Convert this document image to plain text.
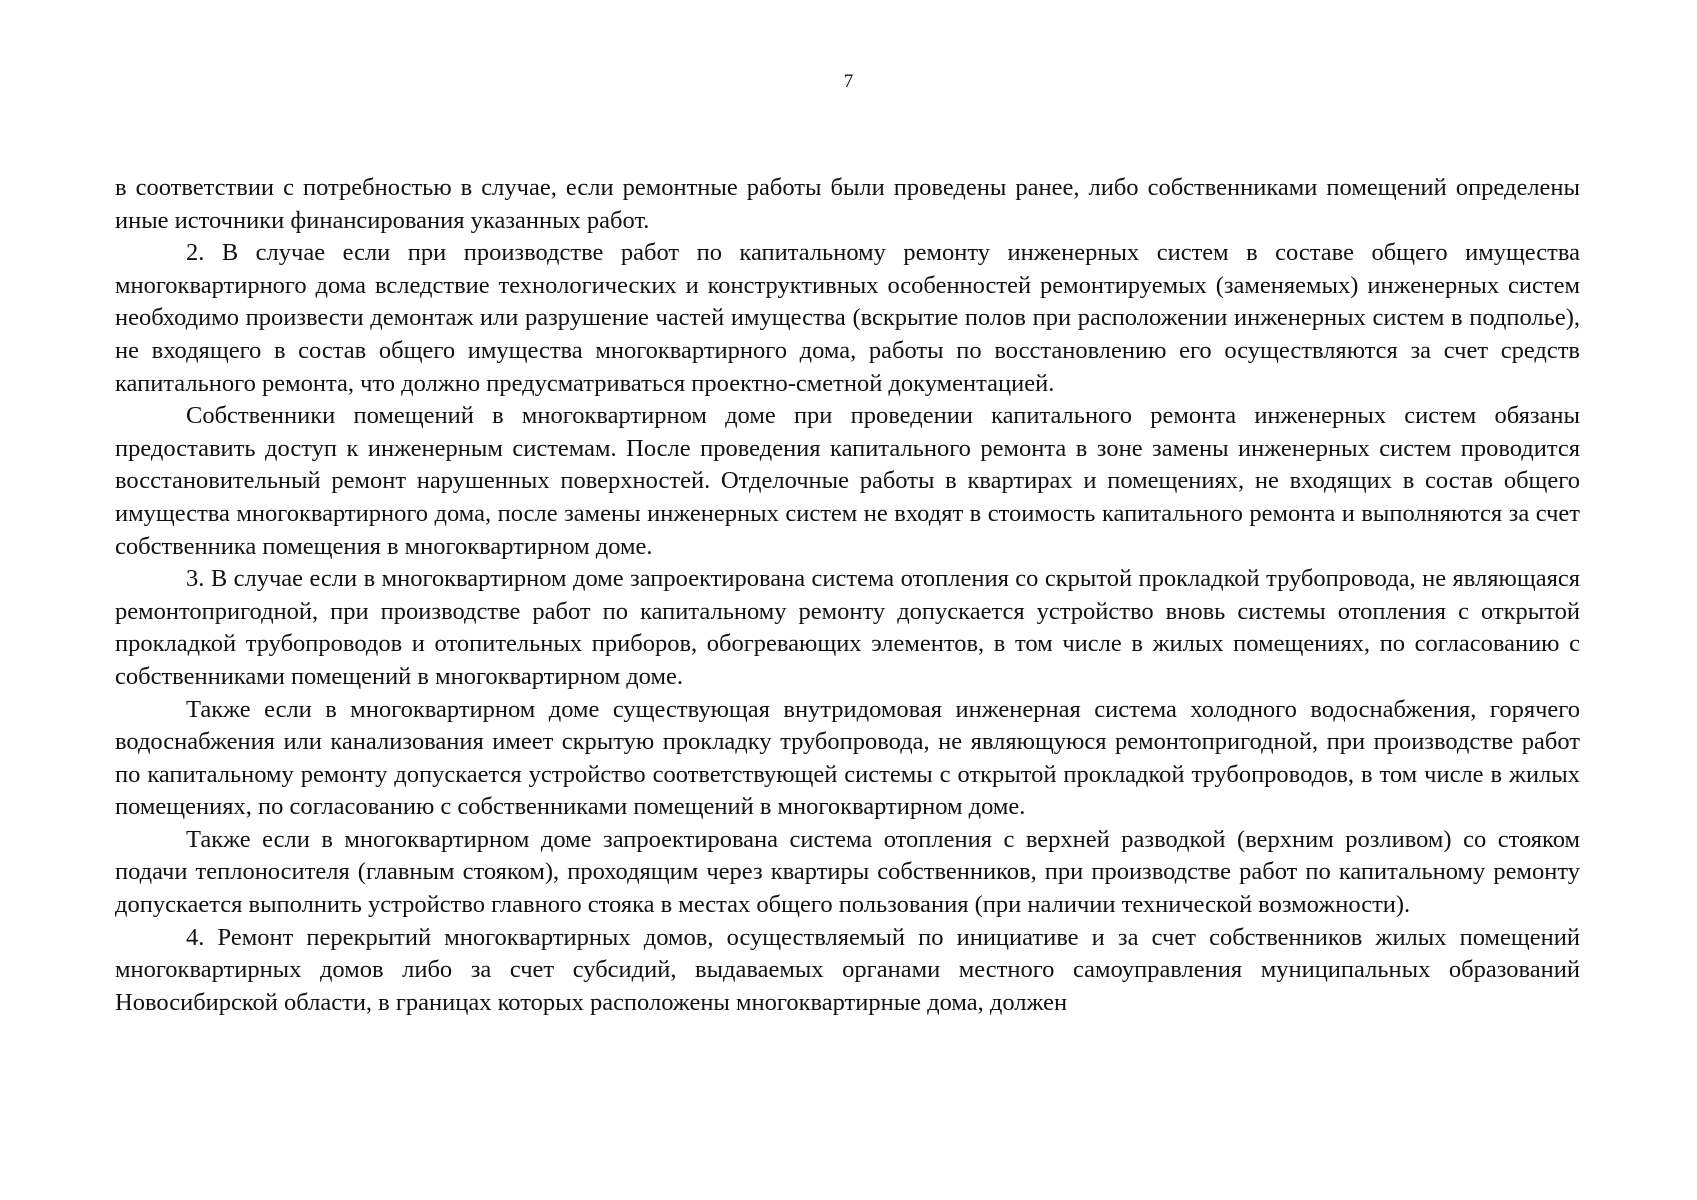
7

в соответствии с потребностью в случае, если ремонтные работы были проведены ранее, либо собственниками помещений определены иные источники финансирования указанных работ.

2. В случае если при производстве работ по капитальному ремонту инженерных систем в составе общего имущества многоквартирного дома вследствие технологических и конструктивных особенностей ремонтируемых (заменяемых) инженерных систем необходимо произвести демонтаж или разрушение частей имущества (вскрытие полов при расположении инженерных систем в подполье), не входящего в состав общего имущества многоквартирного дома, работы по восстановлению его осуществляются за счет средств капитального ремонта, что должно предусматриваться проектно-сметной документацией.

Собственники помещений в многоквартирном доме при проведении капитального ремонта инженерных систем обязаны предоставить доступ к инженерным системам. После проведения капитального ремонта в зоне замены инженерных систем проводится восстановительный ремонт нарушенных поверхностей. Отделочные работы в квартирах и помещениях, не входящих в состав общего имущества многоквартирного дома, после замены инженерных систем не входят в стоимость капитального ремонта и выполняются за счет собственника помещения в многоквартирном доме.

3. В случае если в многоквартирном доме запроектирована система отопления со скрытой прокладкой трубопровода, не являющаяся ремонтопригодной, при производстве работ по капитальному ремонту допускается устройство вновь системы отопления с открытой прокладкой трубопроводов и отопительных приборов, обогревающих элементов, в том числе в жилых помещениях, по согласованию с собственниками помещений в многоквартирном доме.

Также если в многоквартирном доме существующая внутридомовая инженерная система холодного водоснабжения, горячего водоснабжения или канализования имеет скрытую прокладку трубопровода, не являющуюся ремонтопригодной, при производстве работ по капитальному ремонту допускается устройство соответствующей системы с открытой прокладкой трубопроводов, в том числе в жилых помещениях, по согласованию с собственниками помещений в многоквартирном доме.

Также если в многоквартирном доме запроектирована система отопления с верхней разводкой (верхним розливом) со стояком подачи теплоносителя (главным стояком), проходящим через квартиры собственников, при производстве работ по капитальному ремонту допускается выполнить устройство главного стояка в местах общего пользования (при наличии технической возможности).

4. Ремонт перекрытий многоквартирных домов, осуществляемый по инициативе и за счет собственников жилых помещений многоквартирных домов либо за счет субсидий, выдаваемых органами местного самоуправления муниципальных образований Новосибирской области, в границах которых расположены многоквартирные дома, должен
